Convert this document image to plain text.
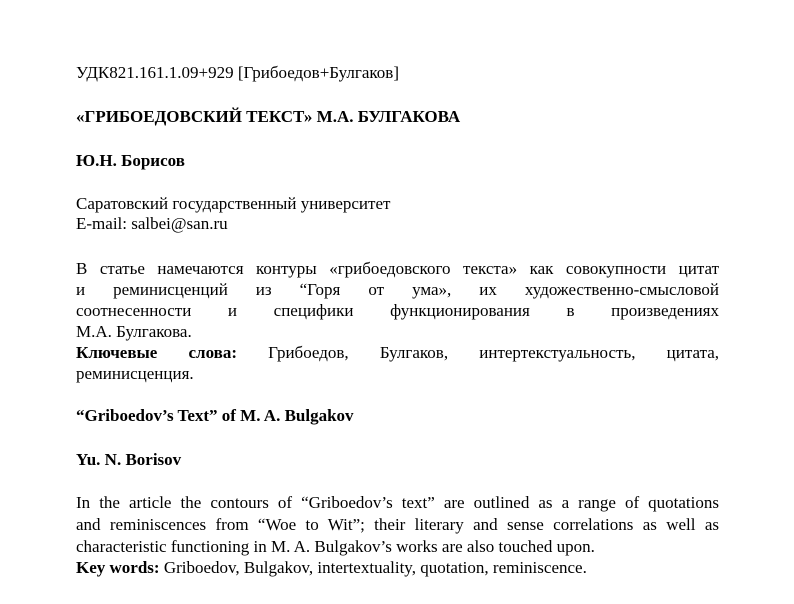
УДК821.161.1.09+929 [Грибоедов+Булгаков]
«ГРИБОЕДОВСКИЙ ТЕКСТ» М.А. БУЛГАКОВА
Ю.Н. Борисов
Саратовский государственный университет
E-mail: salbei@san.ru
В статье намечаются контуры «грибоедовского текста» как совокупности цитат
и реминисценций из “Горя от ума», их художественно-смысловой
соотнесенности и специфики функционирования в произведениях
М.А. Булгакова.
Ключевые слова: Грибоедов, Булгаков, интертекстуальность, цитата,
реминисценция.
“Griboedov’s Text” of M. A. Bulgakov
Yu. N. Borisov
In the article the contours of “Griboedov’s text” are outlined as a range of quotations
and reminiscences from “Woe to Wit”; their literary and sense correlations as well as
characteristic functioning in M. A. Bulgakov’s works are also touched upon.
Key words: Griboedov, Bulgakov, intertextuality, quotation, reminiscence.
